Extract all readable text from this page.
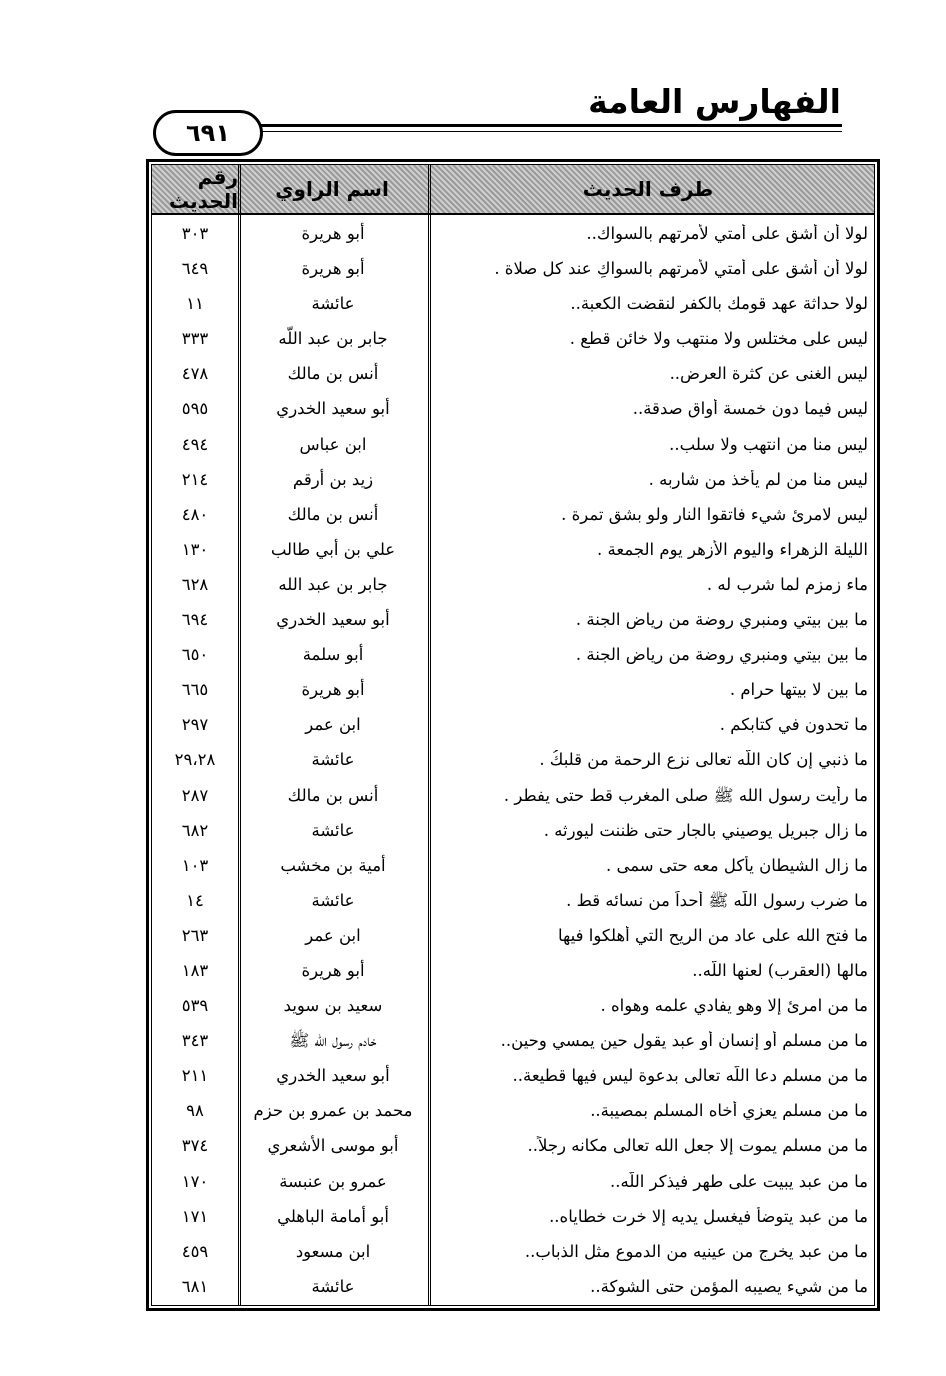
الفهارس العامة
٦٩١
طرف الحديث
اسم الراوي
رقم الحديث
لولا أن أشق على أمتي لأمرتهم بالسواك..
أبو هريرة
٣٠٣
لولا أن أشق على أمتي لأمرتهم بالسواكِ عند كل صلاة .
أبو هريرة
٦٤٩
لولا حداثة عهد قومك بالكفر لنقضت الكعبة..
عائشة
١١
ليس على مختلس ولا منتهب ولا خائن قطع .
جابر بن عبد اللّه
٣٣٣
ليس الغنى عن كثرة العرض..
أنس بن مالك
٤٧٨
ليس فيما دون خمسة أواق صدقة..
أبو سعيد الخدري
٥٩٥
ليس منا من انتهب ولا سلب..
ابن عباس
٤٩٤
ليس منا من لم يأخذ من شاربه .
زيد بن أرقم
٢١٤
ليس لامرئ شيء فاتقوا النار ولو بشق تمرة .
أنس بن مالك
٤٨٠
الليلة الزهراء واليوم الأزهر يوم الجمعة .
علي بن أبي طالب
١٣٠
ماء زمزم لما شرب له .
جابر بن عبد الله
٦٢٨
ما بين بيتي ومنبري روضة من رياض الجنة .
أبو سعيد الخدري
٦٩٤
ما بين بيتي ومنبري روضة من رياض الجنة .
أبو سلمة
٦٥٠
ما بين لا بيتها حرام .
أبو هريرة
٦٦٥
ما تحدون في كتابكم .
ابن عمر
٢٩٧
ما ذنبي إن كان اللّه تعالى نزع الرحمة من قلبكُ .
عائشة
٢٩،٢٨
ما رأيت رسول الله ﷺ صلى المغرب قط حتى يفطر .
أنس بن مالك
٢٨٧
ما زال جبريل يوصيني بالجار حتى ظننت ليورثه .
عائشة
٦٨٢
ما زال الشيطان يأكل معه حتى سمى .
أمية بن مخشب
١٠٣
ما ضرب رسول اللّه ﷺ أحداً من نسائه قط .
عائشة
١٤
ما فتح الله على عاد من الريح التي أهلكوا فيها
ابن عمر
٢٦٣
مالها (العقرب) لعنها اللّه..
أبو هريرة
١٨٣
ما من امرئ إلا وهو يفادي علمه وهواه .
سعيد بن سويد
٥٣٩
ما من مسلم أو إنسان أو عبد يقول حين يمسي وحين..
خادم رسول الله ﷺ
٣٤٣
ما من مسلم دعا اللّه تعالى بدعوة ليس فيها قطيعة..
أبو سعيد الخدري
٢١١
ما من مسلم يعزي أخاه المسلم بمصيبة..
محمد بن عمرو بن حزم
٩٨
ما من مسلم يموت إلا جعل الله تعالى مكانه رجلاً..
أبو موسى الأشعري
٣٧٤
ما من عبد يبيت على طهر فيذكر اللّه..
عمرو بن عنبسة
١٧٠
ما من عبد يتوضأ فيغسل يديه إلا خرت خطاياه..
أبو أمامة الباهلي
١٧١
ما من عبد يخرج من عينيه من الدموع مثل الذباب..
ابن مسعود
٤٥٩
ما من شيء يصيبه المؤمن حتى الشوكة..
عائشة
٦٨١
